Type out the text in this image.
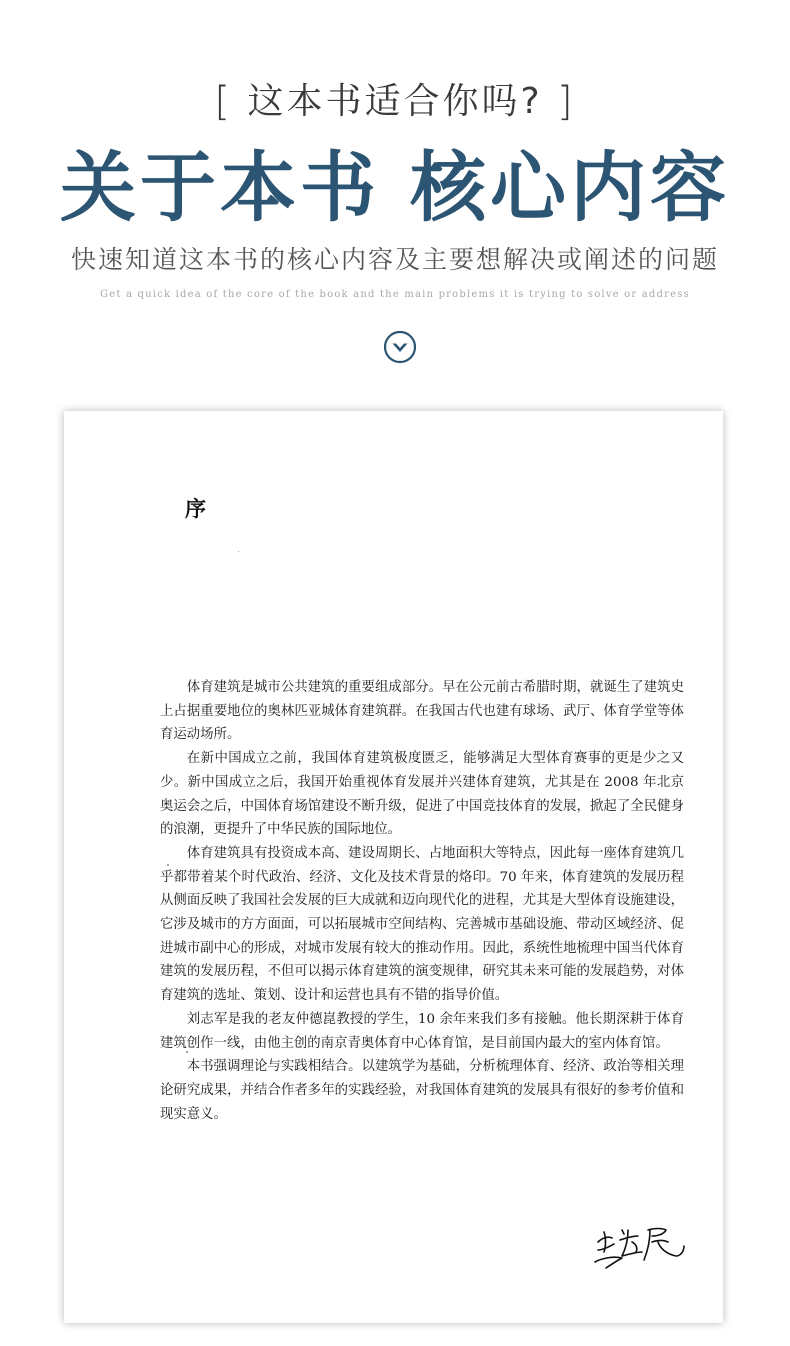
[ 这本书适合你吗? ]
关于本书 核心内容
快速知道这本书的核心内容及主要想解决或阐述的问题
Get a quick idea of the core of the book and the main problems it is trying to solve or address
序

体育建筑是城市公共建筑的重要组成部分。早在公元前古希腊时期，就诞生了建筑史上占据重要地位的奥林匹亚城体育建筑群。在我国古代也建有球场、武厅、体育学堂等体育运动场所。

在新中国成立之前，我国体育建筑极度匮乏，能够满足大型体育赛事的更是少之又少。新中国成立之后，我国开始重视体育发展并兴建体育建筑，尤其是在 2008 年北京奥运会之后，中国体育场馆建设不断升级，促进了中国竞技体育的发展，掀起了全民健身的浪潮，更提升了中华民族的国际地位。

体育建筑具有投资成本高、建设周期长、占地面积大等特点，因此每一座体育建筑几乎都带着某个时代政治、经济、文化及技术背景的烙印。70 年来，体育建筑的发展历程从侧面反映了我国社会发展的巨大成就和迈向现代化的进程，尤其是大型体育设施建设，它涉及城市的方方面面，可以拓展城市空间结构、完善城市基础设施、带动区域经济、促进城市副中心的形成，对城市发展有较大的推动作用。因此，系统性地梳理中国当代体育建筑的发展历程，不但可以揭示体育建筑的演变规律，研究其未来可能的发展趋势，对体育建筑的选址、策划、设计和运营也具有不错的指导价值。

刘志军是我的老友仲德崑教授的学生，10 余年来我们多有接触。他长期深耕于体育建筑创作一线，由他主创的南京青奥体育中心体育馆，是目前国内最大的室内体育馆。

本书强调理论与实践相结合。以建筑学为基础，分析梳理体育、经济、政治等相关理论研究成果，并结合作者多年的实践经验，对我国体育建筑的发展具有很好的参考价值和现实意义。
